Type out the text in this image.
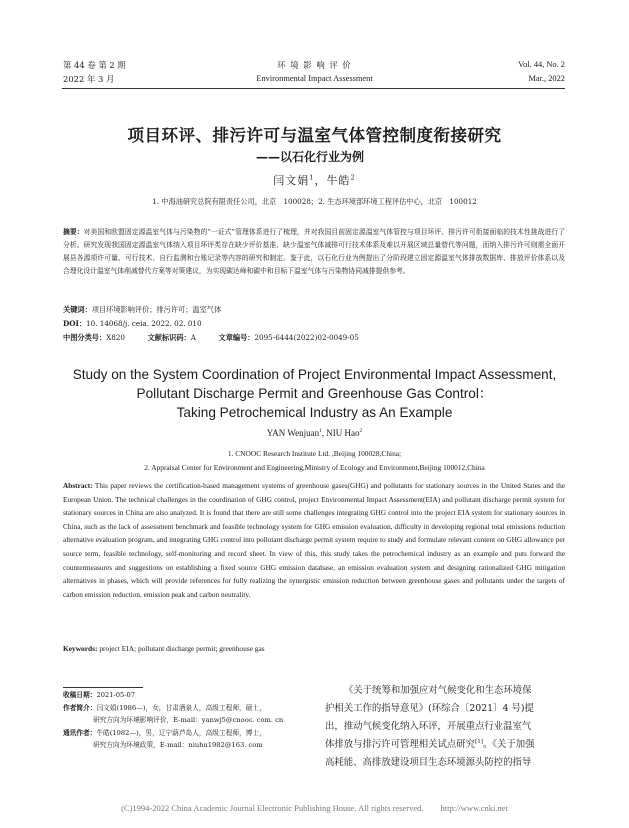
第 44 卷 第 2 期
2022 年 3 月
环 境 影 响 评 价
Environmental Impact Assessment
Vol. 44, No. 2
Mar., 2022
项目环评、排污许可与温室气体管控制度衔接研究
——以石化行业为例
闫文娟$^1$，牛皓$^2$
1. 中海油研究总院有限责任公司，北京　100028；2. 生态环境部环境工程评估中心，北京　100012
摘要：对美国和欧盟固定源温室气体与污染物的“一证式”管理体系进行了梳理，并对我国目前固定源温室气体管控与项目环评、排污许可衔接面临的技术性挑战进行了分析。研究发现我国固定源温室气体纳入项目环评类存在缺少评价基准、缺少温室气体减排可行技术体系及难以开展区域总量替代等问题，而纳入排污许可则需全面开展县各源项许可量、可行技术、自行监测和台账记录等内容的研究和制定。鉴于此，以石化行业为例提出了分阶段建立固定源温室气体排放数据库、排放评价体系以及合理化设计温室气体削减替代方案等对策建议，为实现碳达峰和碳中和目标下温室气体与污染物协同减排提供参考。
关键词：项目环境影响评价；排污许可；温室气体
DOI：10. 14068/j. ceia. 2022. 02. 010
中图分类号：X820	文献标识码：A	文章编号：2095-6444(2022)02-0049-05
Study on the System Coordination of Project Environmental Impact Assessment,
Pollutant Discharge Permit and Greenhouse Gas Control：
Taking Petrochemical Industry as An Example
YAN Wenjuan$^1$, NIU Hao$^2$
1. CNOOC Research Institute Ltd. ,Beijing 100028,China;
2. Appraisal Center for Environment and Engineering,Ministry of Ecology and Environment,Beijing 100012,China
Abstract: This paper reviews the certification-based management systems of greenhouse gases(GHG) and pollutants for stationary sources in the United States and the European Union. The technical challenges in the coordination of GHG control, project Environmental Impact Assessment(EIA) and pollutant discharge permit system for stationary sources in China are also analyzed. It is found that there are still some challenges integrating GHG control into the project EIA system for stationary sources in China, such as the lack of assessment benchmark and feasible technology system for GHG emission evaluation, difficulty in developing regional total emissions reduction alternative evaluation program, and integrating GHG control into pollutant discharge permit system require to study and formulate relevant content on GHG allowance per source term, feasible technology, self-monitoring and record sheet. In view of this, this study takes the petrochemical industry as an example and puts forward the countermeasures and suggestions on establishing a fixed source GHG emission database, an emission evaluation system and designing rationalized GHG mitigation alternatives in phases, which will provide references for fully realizing the synergistic emission reduction between greenhouse gases and pollutants under the targets of carbon emission reduction, emission peak and carbon neutrality.
Keywords: project EIA; pollutant discharge permit; greenhouse gas
收稿日期：2021-05-07
作者简介：闫文娟(1986—)，女，甘肃酒泉人，高级工程师，硕士，
研究方向为环境影响评价，E-mail：yanwj5@cnooc. com. cn
通讯作者：牛皓(1982—)，男，辽宁葫芦岛人，高级工程师，博士，
研究方向为环境政策，E-mail：niuhu1982@163. com
《关于统筹和加强应对气候变化和生态环境保
护相关工作的指导意见》(环综合〔2021〕4 号)提
出，推动气候变化纳入环评，开展重点行业温室气
体排放与排污许可管理相关试点研究[1]。《关于加强
高耗能、高排放建设项目生态环境源头防控的指导
(C)1994-2022 China Academic Journal Electronic Publishing House. All rights reserved.　　http://www.cnki.net
